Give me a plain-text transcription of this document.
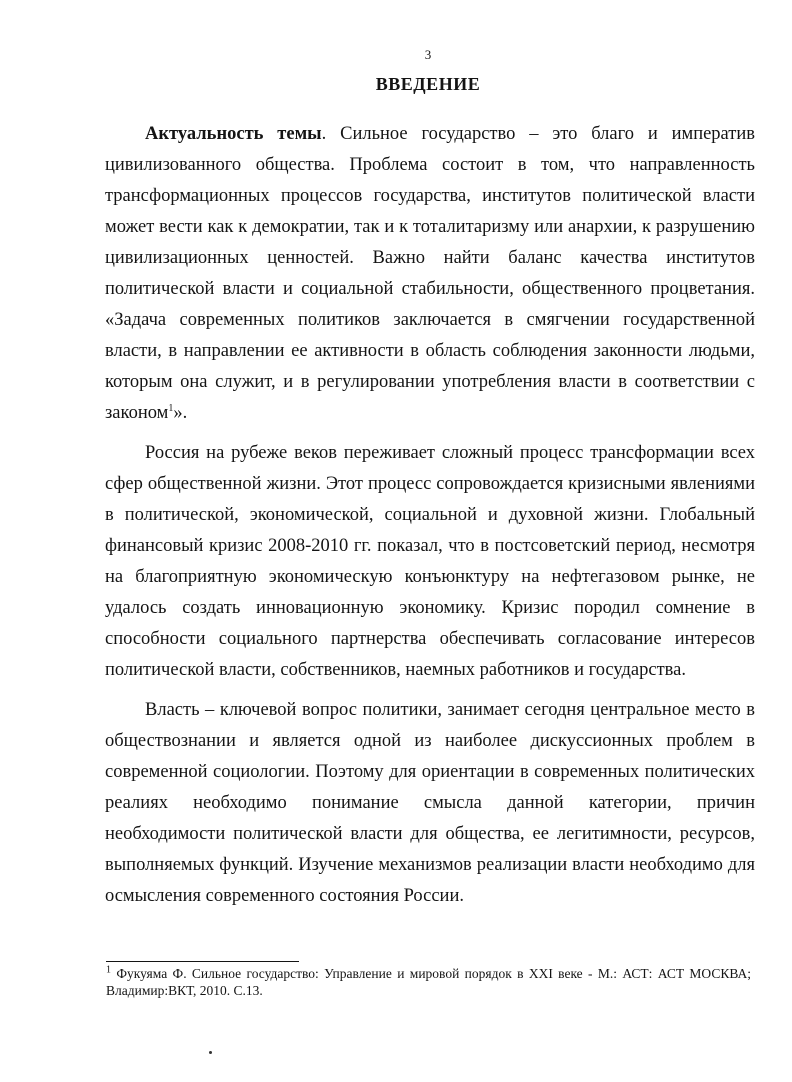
3
ВВЕДЕНИЕ

Актуальность темы. Сильное государство – это благо и императив цивилизованного общества. Проблема состоит в том, что направленность трансформационных процессов государства, институтов политической власти может вести как к демократии, так и к тоталитаризму или анархии, к разрушению цивилизационных ценностей. Важно найти баланс качества институтов политической власти и социальной стабильности, общественного процветания. «Задача современных политиков заключается в смягчении государственной власти, в направлении ее активности в область соблюдения законности людьми, которым она служит, и в регулировании употребления власти в соответствии с законом$^1$».

Россия на рубеже веков переживает сложный процесс трансформации всех сфер общественной жизни. Этот процесс сопровождается кризисными явлениями в политической, экономической, социальной и духовной жизни. Глобальный финансовый кризис 2008-2010 гг. показал, что в постсоветский период, несмотря на благоприятную экономическую конъюнктуру на нефтегазовом рынке, не удалось создать инновационную экономику. Кризис породил сомнение в способности социального партнерства обеспечивать согласование интересов политической власти, собственников, наемных работников и государства.

Власть – ключевой вопрос политики, занимает сегодня центральное место в обществознании и является одной из наиболее дискуссионных проблем в современной социологии. Поэтому для ориентации в современных политических реалиях необходимо понимание смысла данной категории, причин необходимости политической власти для общества, ее легитимности, ресурсов, выполняемых функций. Изучение механизмов реализации власти необходимо для осмысления современного состояния России.

$^1$ Фукуяма Ф. Сильное государство: Управление и мировой порядок в XXI веке - М.: АСТ: АСТ МОСКВА; Владимир:ВКТ, 2010. С.13.
